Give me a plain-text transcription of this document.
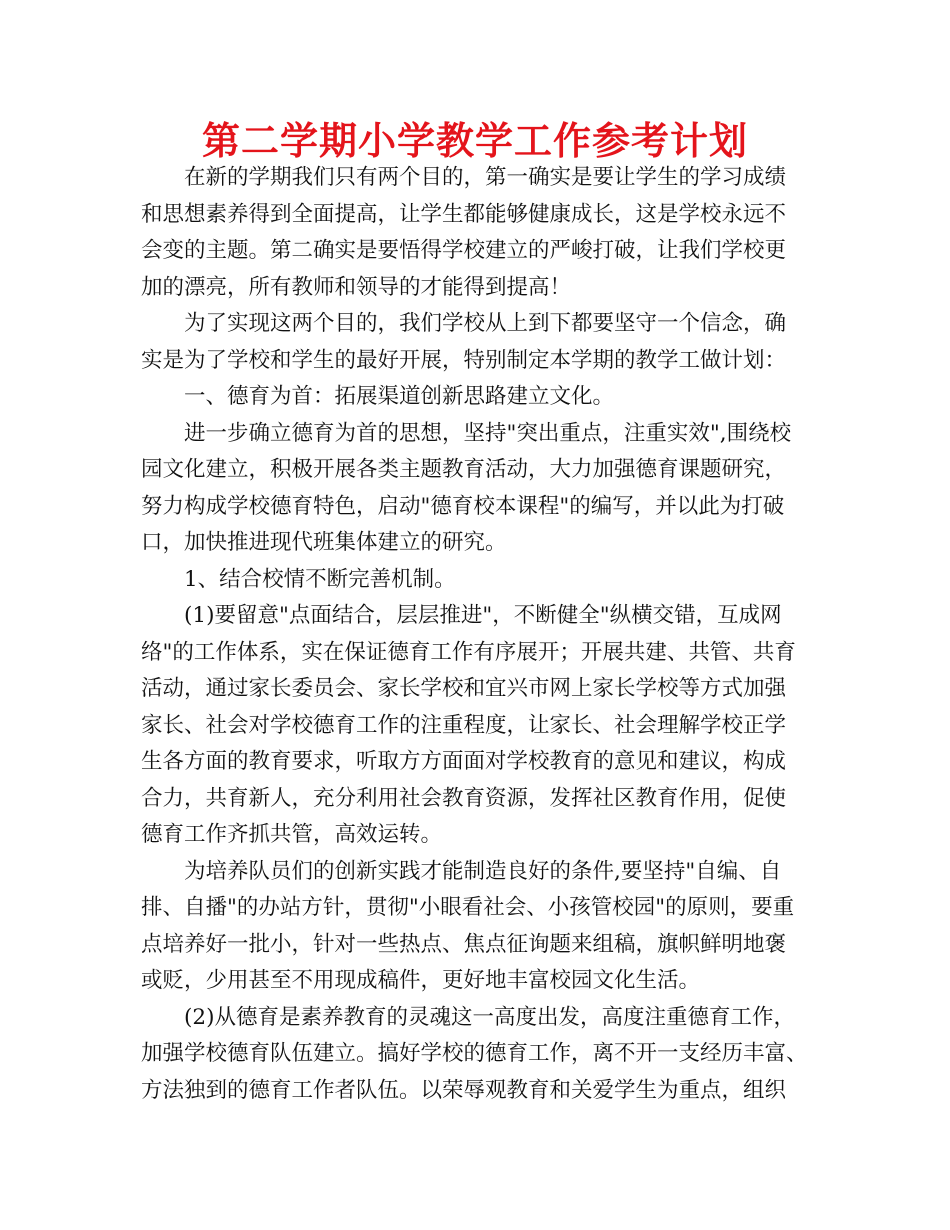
第二学期小学教学工作参考计划
在新的学期我们只有两个目的，第一确实是要让学生的学习成绩
和思想素养得到全面提高，让学生都能够健康成长，这是学校永远不
会变的主题。第二确实是要悟得学校建立的严峻打破，让我们学校更
加的漂亮，所有教师和领导的才能得到提高！
为了实现这两个目的，我们学校从上到下都要坚守一个信念，确
实是为了学校和学生的最好开展，特别制定本学期的教学工做计划：
一、德育为首：拓展渠道创新思路建立文化。
进一步确立德育为首的思想，坚持"突出重点，注重实效",围绕校
园文化建立，积极开展各类主题教育活动，大力加强德育课题研究，
努力构成学校德育特色，启动"德育校本课程"的编写，并以此为打破
口，加快推进现代班集体建立的研究。
1、结合校情不断完善机制。
(1)要留意"点面结合，层层推进"，不断健全"纵横交错，互成网
络"的工作体系，实在保证德育工作有序展开；开展共建、共管、共育
活动，通过家长委员会、家长学校和宜兴市网上家长学校等方式加强
家长、社会对学校德育工作的注重程度，让家长、社会理解学校正学
生各方面的教育要求，听取方方面面对学校教育的意见和建议，构成
合力，共育新人，充分利用社会教育资源，发挥社区教育作用，促使
德育工作齐抓共管，高效运转。
为培养队员们的创新实践才能制造良好的条件,要坚持"自编、自
排、自播"的办站方针，贯彻"小眼看社会、小孩管校园"的原则，要重
点培养好一批小，针对一些热点、焦点征询题来组稿，旗帜鲜明地褒
或贬，少用甚至不用现成稿件，更好地丰富校园文化生活。
(2)从德育是素养教育的灵魂这一高度出发，高度注重德育工作，
加强学校德育队伍建立。搞好学校的德育工作，离不开一支经历丰富、
方法独到的德育工作者队伍。以荣辱观教育和关爱学生为重点，组织
